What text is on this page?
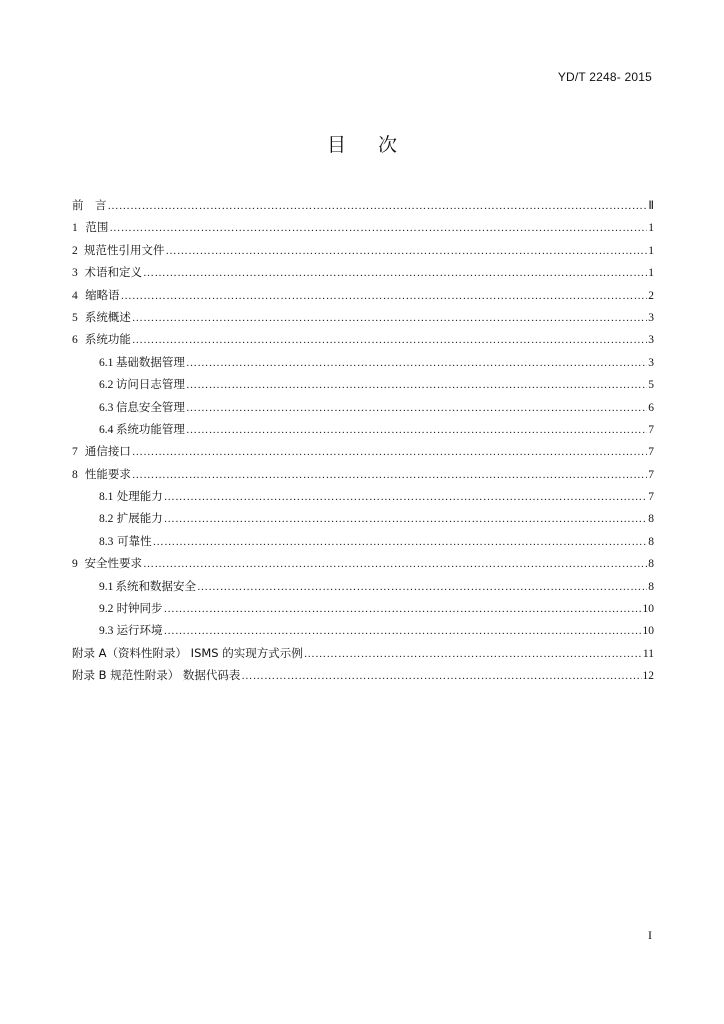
YD/T 2248- 2015
目 次
前　言 ……………………………………………………………………………………………………………………………………………………………………………………………………	Ⅱ
1 范围 ……………………………………………………………………………………………………………………………………………………………………………………………………	1
2 规范性引用文件 ……………………………………………………………………………………………………………………………………………………………………………………………………	1
3 术语和定义 ……………………………………………………………………………………………………………………………………………………………………………………………………	1
4 缩略语 ……………………………………………………………………………………………………………………………………………………………………………………………………	2
5 系统概述 ……………………………………………………………………………………………………………………………………………………………………………………………………	3
6 系统功能 ……………………………………………………………………………………………………………………………………………………………………………………………………	3
6.1 基础数据管理 ……………………………………………………………………………………………………………………………………………………………………………………………………	3
6.2 访问日志管理 ……………………………………………………………………………………………………………………………………………………………………………………………………	5
6.3 信息安全管理 ……………………………………………………………………………………………………………………………………………………………………………………………………	6
6.4 系统功能管理 ……………………………………………………………………………………………………………………………………………………………………………………………………	7
7 通信接口 ……………………………………………………………………………………………………………………………………………………………………………………………………	7
8 性能要求 ……………………………………………………………………………………………………………………………………………………………………………………………………	7
8.1 处理能力 ……………………………………………………………………………………………………………………………………………………………………………………………………	7
8.2 扩展能力 ……………………………………………………………………………………………………………………………………………………………………………………………………	8
8.3 可靠性 ……………………………………………………………………………………………………………………………………………………………………………………………………	8
9 安全性要求 ……………………………………………………………………………………………………………………………………………………………………………………………………	8
9.1 系统和数据安全 ……………………………………………………………………………………………………………………………………………………………………………………………………	8
9.2 时钟同步 ……………………………………………………………………………………………………………………………………………………………………………………………………	10
9.3 运行环境 ……………………………………………………………………………………………………………………………………………………………………………………………………	10
附录 A（资料性附录） ISMS 的实现方式示例 ……………………………………………………………………………………………………………………………………………………………………………………………………	11
附录 B 规范性附录） 数据代码表 ……………………………………………………………………………………………………………………………………………………………………………………………………	12
I
